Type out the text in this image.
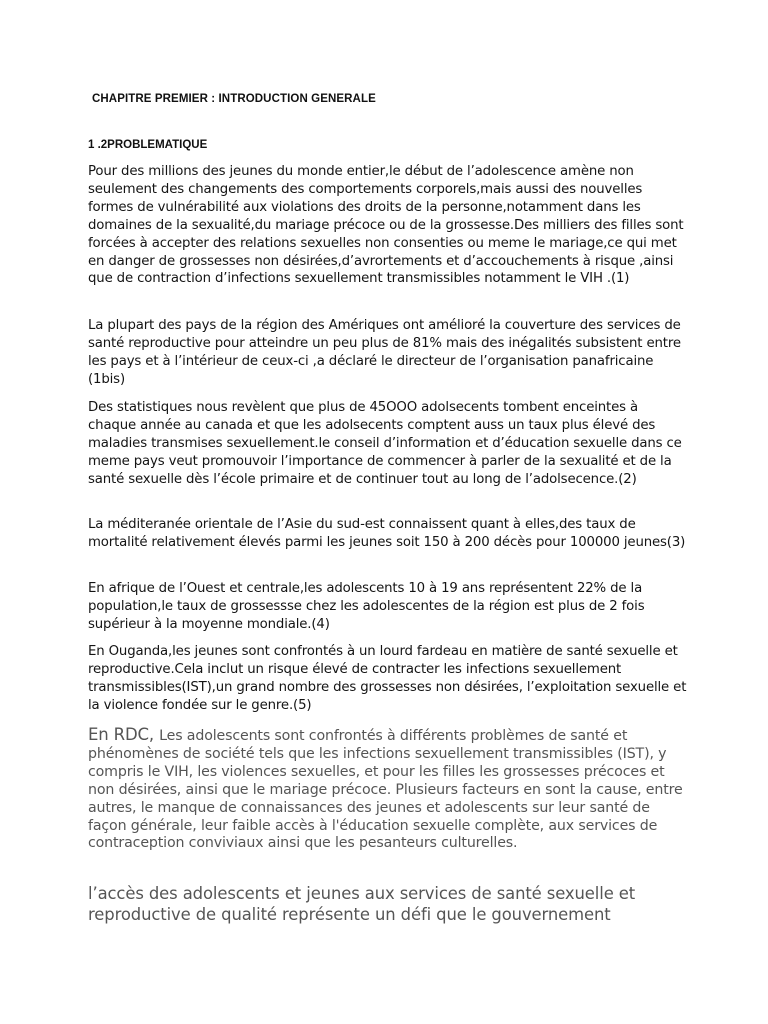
CHAPITRE PREMIER : INTRODUCTION GENERALE
1 .2PROBLEMATIQUE

Pour des millions des jeunes du monde entier,le début de l’adolescence amène non seulement des changements des comportements corporels,mais aussi des nouvelles formes de vulnérabilité aux violations des droits de la personne,notamment dans les domaines de la sexualité,du mariage précoce ou de la grossesse.Des milliers des filles sont forcées à accepter des relations sexuelles non consenties ou meme le mariage,ce qui met en danger de grossesses non désirées,d’avrortements et d’accouchements à risque ,ainsi que de contraction d’infections sexuellement transmissibles notamment le VIH .(1)

La plupart des pays de la région des Amériques ont amélioré la couverture des services de santé reproductive pour atteindre un peu plus de 81% mais des inégalités subsistent entre les pays et à l’intérieur de ceux-ci ,a déclaré le directeur de l’organisation panafricaine (1bis)

Des statistiques nous revèlent que plus de 45OOO adolsecents tombent enceintes à chaque année au canada et que les adolsecents comptent auss un taux plus élevé des maladies transmises sexuellement.le conseil d’information et d’éducation sexuelle dans ce meme pays veut promouvoir l’importance de commencer à parler de la sexualité et de la santé sexuelle dès l’école primaire et de continuer tout au long de l’adolsecence.(2)

La méditeranée orientale de l’Asie du sud-est connaissent quant à elles,des taux de mortalité relativement élevés parmi les jeunes soit 150 à 200 décès pour 100000 jeunes(3)

En afrique de l’Ouest et centrale,les adolescents 10 à 19 ans représentent 22% de la population,le taux de grossessse chez les adolescentes de la région est plus de 2 fois supérieur à la moyenne mondiale.(4)

En Ouganda,les jeunes sont confrontés à un lourd fardeau en matière de santé sexuelle et reproductive.Cela inclut un risque élevé de contracter les infections sexuellement transmissibles(IST),un grand nombre des grossesses non désirées, l’exploitation sexuelle et la violence fondée sur le genre.(5)

En RDC, Les adolescents sont confrontés à différents problèmes de santé et phénomènes de société tels que les infections sexuellement transmissibles (IST), y compris le VIH, les violences sexuelles, et pour les filles les grossesses précoces et non désirées, ainsi que le mariage précoce. Plusieurs facteurs en sont la cause, entre autres, le manque de connaissances des jeunes et adolescents sur leur santé de façon générale, leur faible accès à l'éducation sexuelle complète, aux services de contraception conviviaux ainsi que les pesanteurs culturelles.

l’accès des adolescents et jeunes aux services de santé sexuelle et reproductive de qualité représente un défi que le gouvernement
